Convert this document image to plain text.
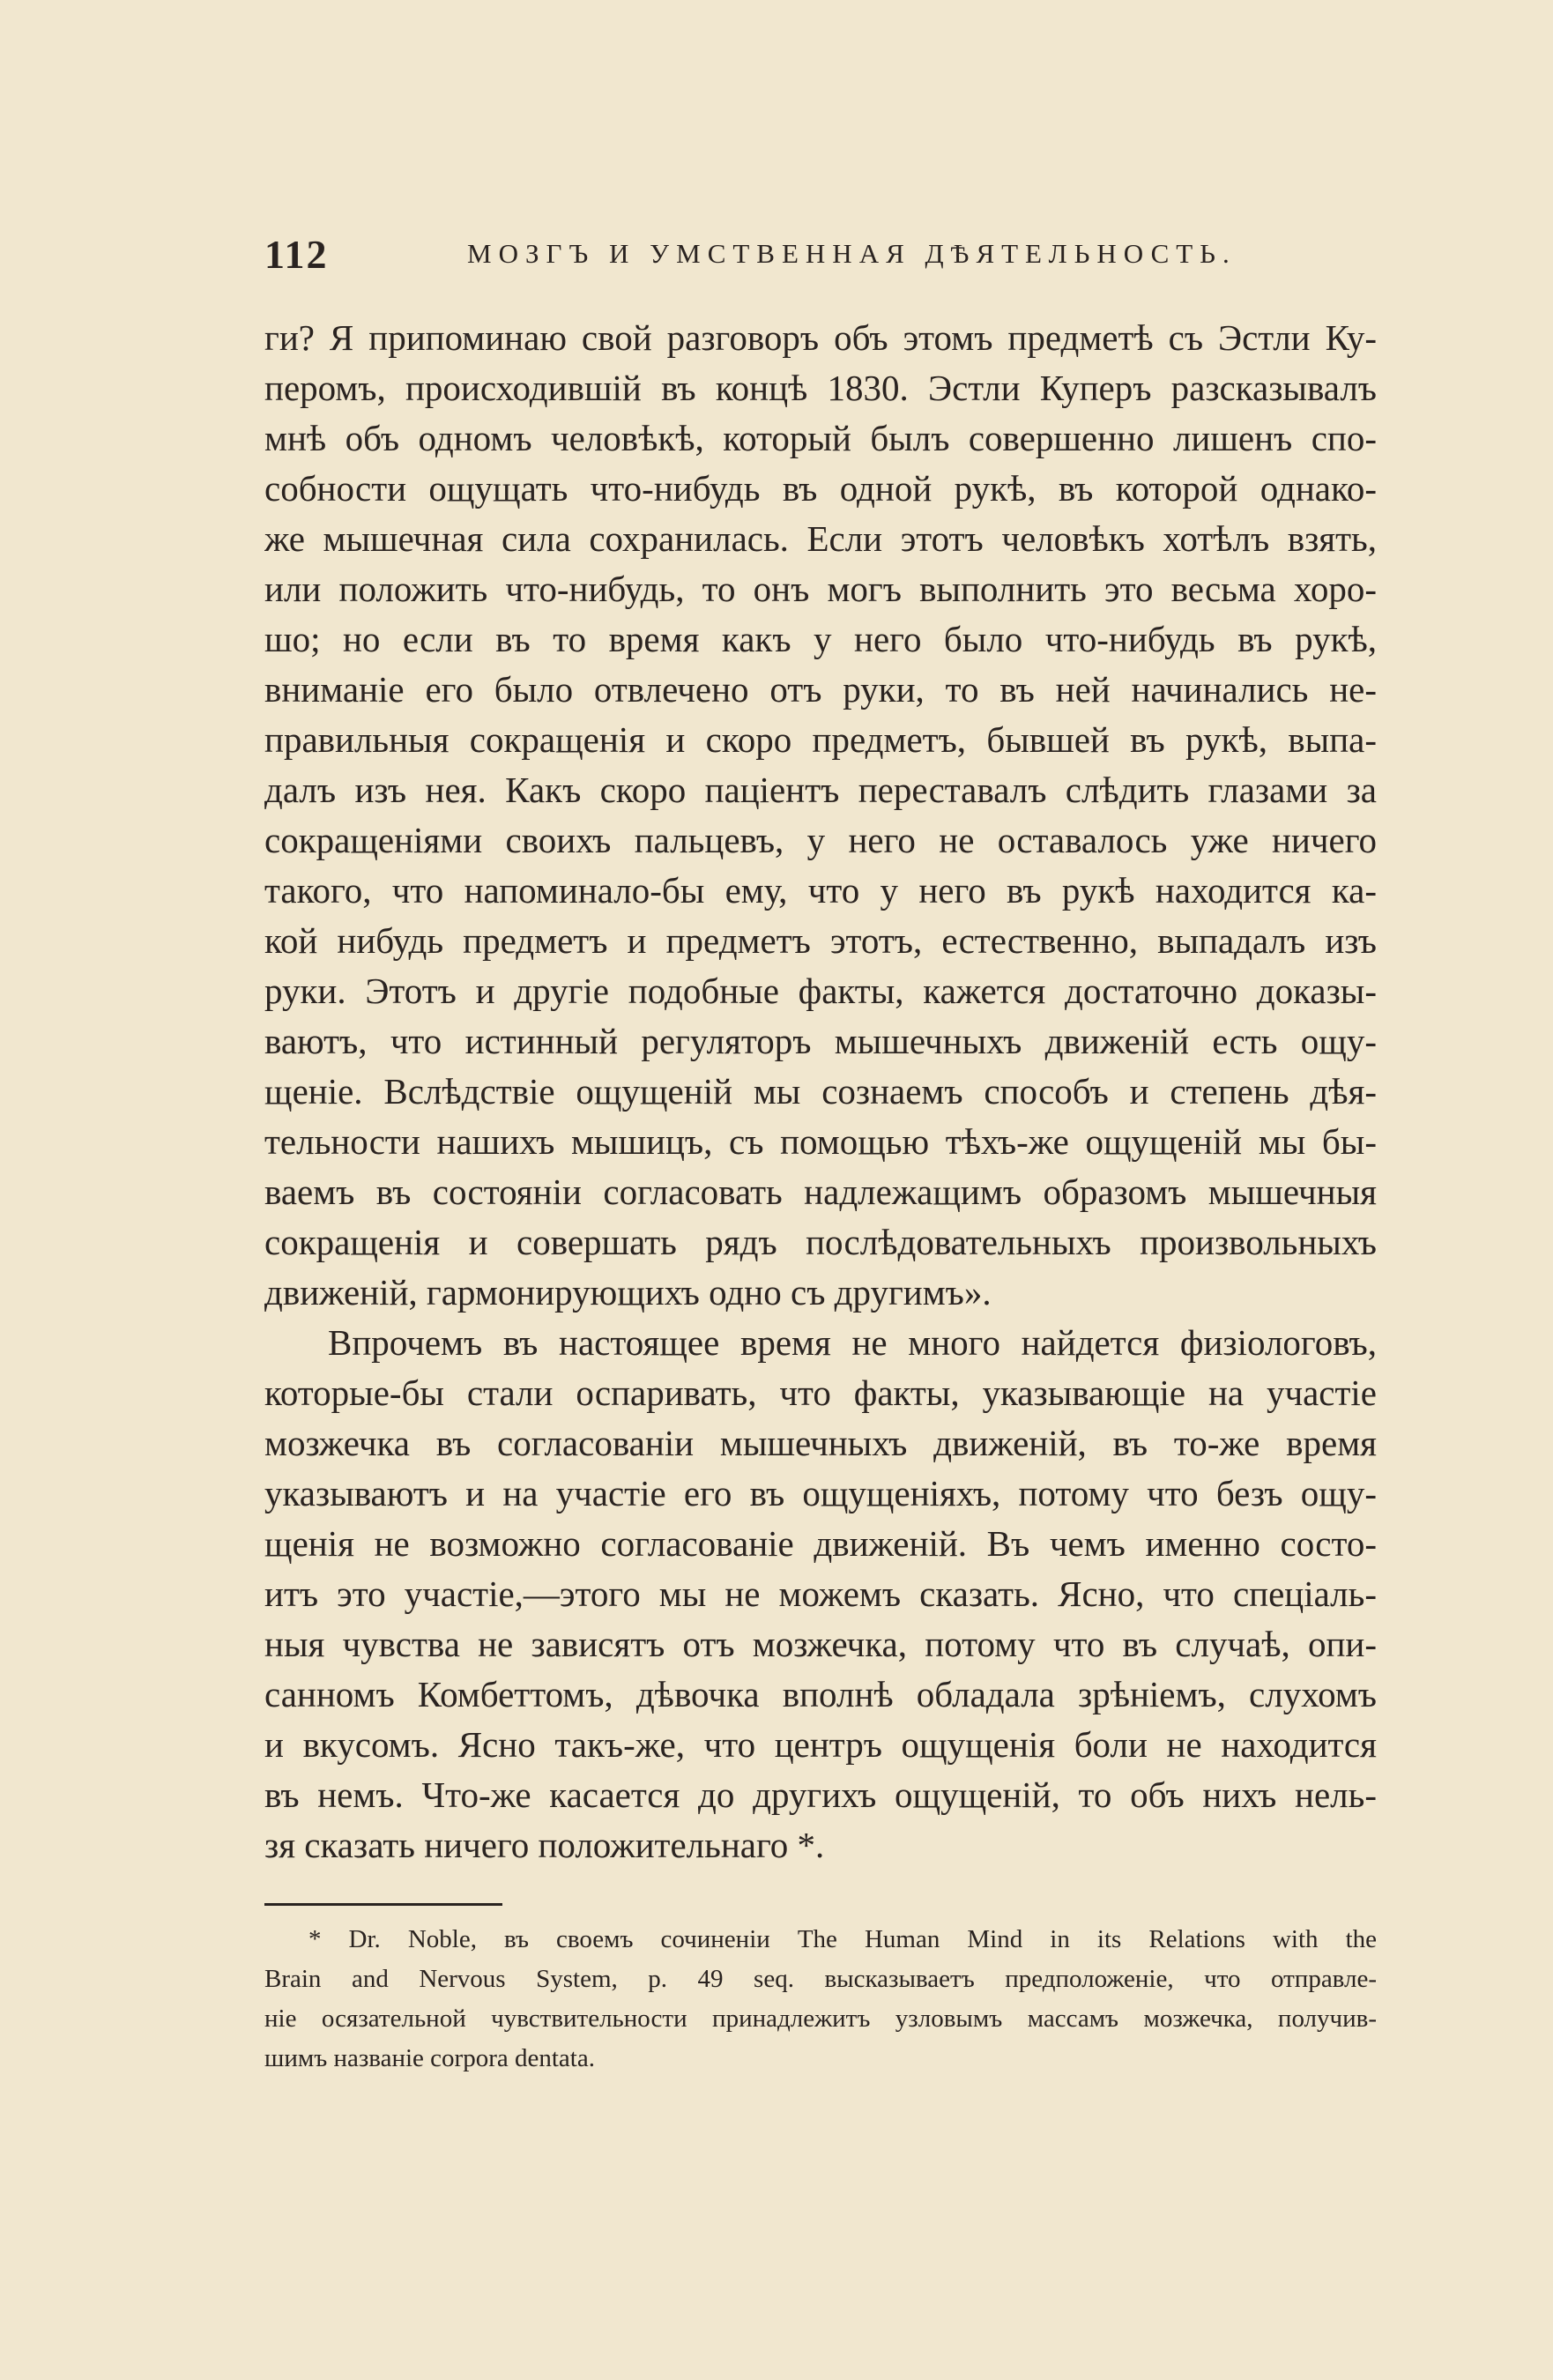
112	МОЗГЪ И УМСТВЕННАЯ ДѢЯТЕЛЬНОСТЬ.
ги? Я припоминаю свой разговоръ объ этомъ предметѣ съ Эстли Ку-
перомъ, происходившій въ концѣ 1830. Эстли Куперъ разсказывалъ
мнѣ объ одномъ человѣкѣ, который былъ совершенно лишенъ спо-
собности ощущать что-нибудь въ одной рукѣ, въ которой однако-
же мышечная сила сохранилась. Если этотъ человѣкъ хотѣлъ взять,
или положить что-нибудь, то онъ могъ выполнить это весьма хоро-
шо; но если въ то время какъ у него было что-нибудь въ рукѣ,
вниманіе его было отвлечено отъ руки, то въ ней начинались не-
правильныя сокращенія и скоро предметъ, бывшей въ рукѣ, выпа-
далъ изъ нея. Какъ скоро паціентъ переставалъ слѣдить глазами за
сокращеніями своихъ пальцевъ, у него не оставалось уже ничего
такого, что напоминало-бы ему, что у него въ рукѣ находится ка-
кой нибудь предметъ и предметъ этотъ, естественно, выпадалъ изъ
руки. Этотъ и другіе подобные факты, кажется достаточно доказы-
ваютъ, что истинный регуляторъ мышечныхъ движеній есть ощу-
щеніе. Вслѣдствіе ощущеній мы сознаемъ способъ и степень дѣя-
тельности нашихъ мышицъ, съ помощью тѣхъ-же ощущеній мы бы-
ваемъ въ состояніи согласовать надлежащимъ образомъ мышечныя
сокращенія и совершать рядъ послѣдовательныхъ произвольныхъ
движеній, гармонирующихъ одно съ другимъ».
Впрочемъ въ настоящее время не много найдется физіологовъ,
которые-бы стали оспаривать, что факты, указывающіе на участіе
мозжечка въ согласованіи мышечныхъ движеній, въ то-же время
указываютъ и на участіе его въ ощущеніяхъ, потому что безъ ощу-
щенія не возможно согласованіе движеній. Въ чемъ именно состо-
итъ это участіе,—этого мы не можемъ сказать. Ясно, что спеціаль-
ныя чувства не зависятъ отъ мозжечка, потому что въ случаѣ, опи-
санномъ Комбеттомъ, дѣвочка вполнѣ обладала зрѣніемъ, слухомъ
и вкусомъ. Ясно такъ-же, что центръ ощущенія боли не находится
въ немъ. Что-же касается до другихъ ощущеній, то объ нихъ нель-
зя сказать ничего положительнаго *.
* Dr. Noble, въ своемъ сочиненіи The Human Mind in its Relations with the
Brain and Nervous System, p. 49 seq. высказываетъ предположеніе, что отправле-
ніе осязательной чувствительности принадлежитъ узловымъ массамъ мозжечка, получив-
шимъ названіе corpora dentata.
